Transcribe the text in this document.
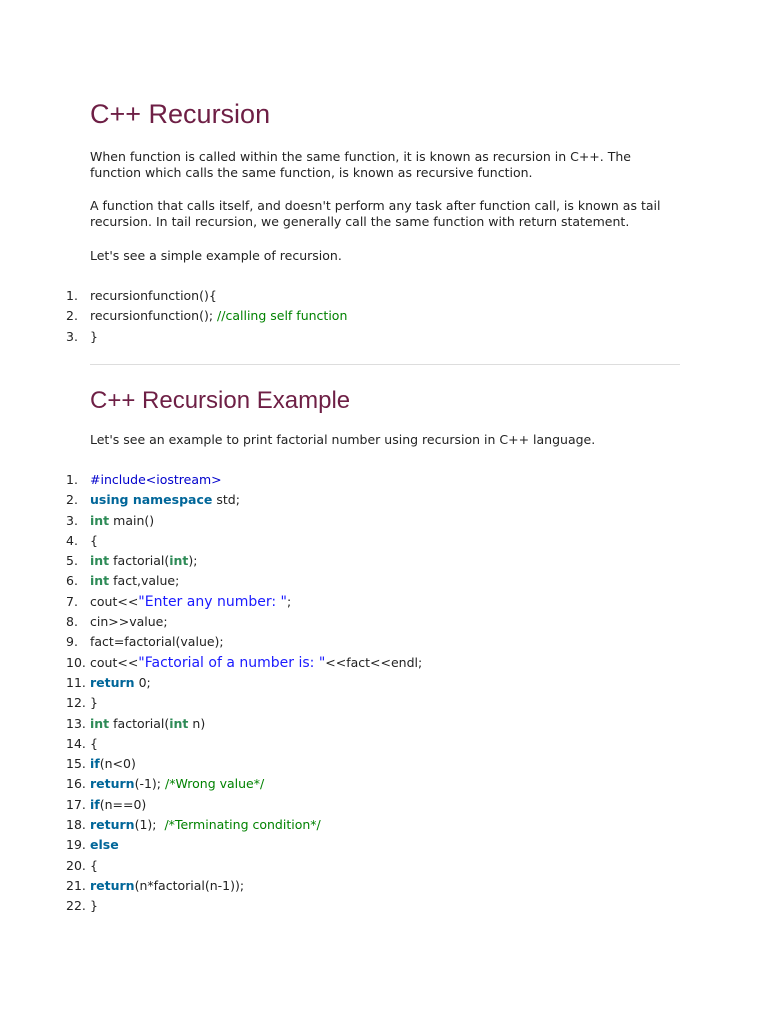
C++ Recursion

When function is called within the same function, it is known as recursion in C++. The function which calls the same function, is known as recursive function.

A function that calls itself, and doesn't perform any task after function call, is known as tail recursion. In tail recursion, we generally call the same function with return statement.

Let's see a simple example of recursion.

1. recursionfunction(){
2. recursionfunction(); //calling self function
3. }
C++ Recursion Example

Let's see an example to print factorial number using recursion in C++ language.

1. #include<iostream>
2. using namespace std;
3. int main()
4. {
5. int factorial(int);
6. int fact,value;
7. cout<<"Enter any number: ";
8. cin>>value;
9. fact=factorial(value);
10. cout<<"Factorial of a number is: "<<fact<<endl;
11. return 0;
12. }
13. int factorial(int n)
14. {
15. if(n<0)
16. return(-1); /*Wrong value*/
17. if(n==0)
18. return(1);  /*Terminating condition*/
19. else
20. {
21. return(n*factorial(n-1));
22. }
